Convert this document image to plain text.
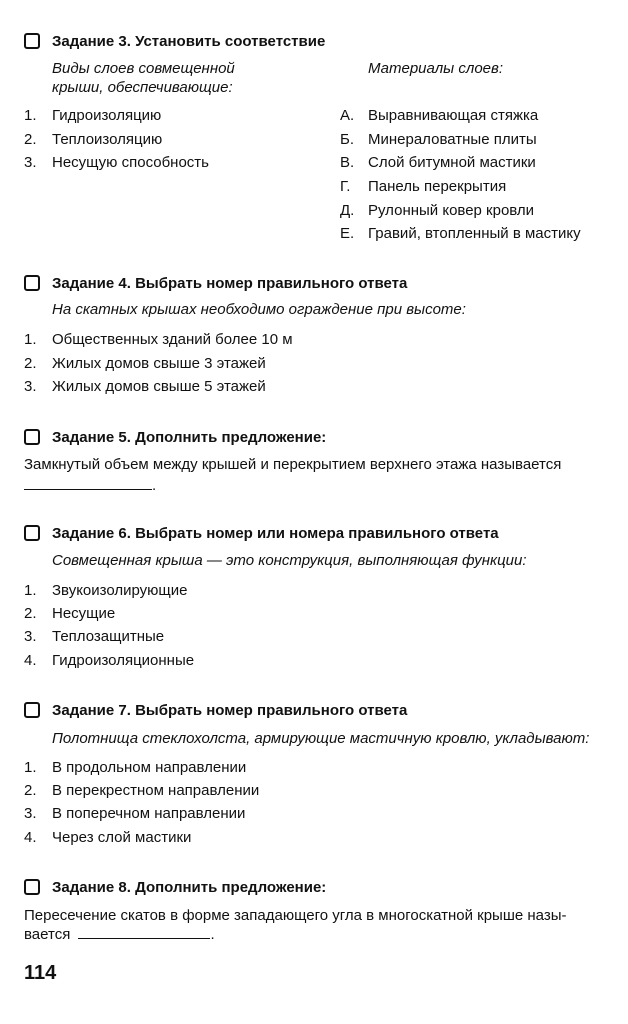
Задание 3. Установить соответствие
Виды слоев совмещенной
крыши, обеспечивающие:
Материалы слоев:
1.	Гидроизоляцию
2.	Теплоизоляцию
3.	Несущую способность
А. Выравнивающая стяжка
Б. Минераловатные плиты
В. Слой битумной мастики
Г.	Панель перекрытия
Д. Рулонный ковер кровли
Е. Гравий, втопленный в мастику
Задание 4. Выбрать номер правильного ответа
На скатных крышах необходимо ограждение при высоте:
1.	Общественных зданий более 10 м
2.	Жилых домов свыше 3 этажей
3.	Жилых домов свыше 5 этажей
Задание 5. Дополнить предложение:
Замкнутый объем между крышей и перекрытием верхнего этажа называется
.
Задание 6. Выбрать номер или номера правильного ответа
Совмещенная крыша — это конструкция, выполняющая функции:
1.	Звукоизолирующие
2.	Несущие
3.	Теплозащитные
4.	Гидроизоляционные
Задание 7. Выбрать номер правильного ответа
Полотнища стеклохолста, армирующие мастичную кровлю, укладывают:
1.	В продольном направлении
2.	В перекрестном направлении
3.	В поперечном направлении
4.	Через слой мастики
Задание 8. Дополнить предложение:
Пересечение скатов в форме западающего угла в многоскатной крыше назы-
вается	.
114
